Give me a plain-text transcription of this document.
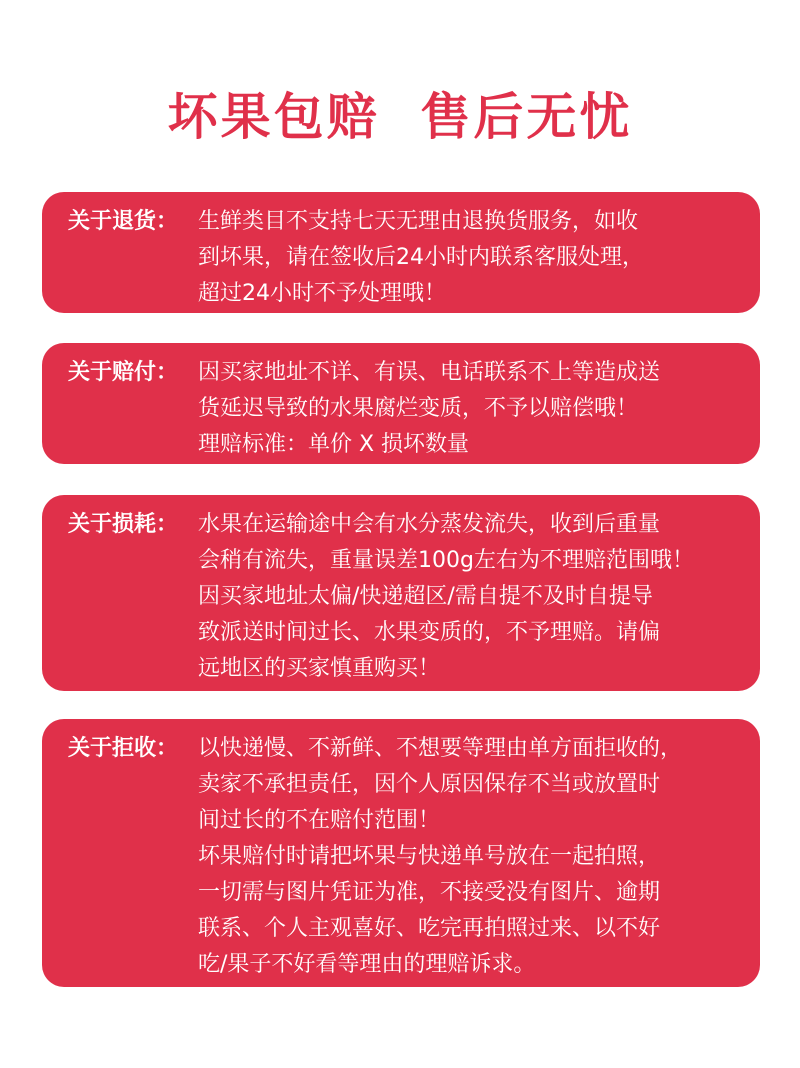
坏果包赔  售后无忧
关于退货： 生鲜类目不支持七天无理由退换货服务，如收
到坏果，请在签收后24小时内联系客服处理，
超过24小时不予处理哦！
关于赔付： 因买家地址不详、有误、电话联系不上等造成送
货延迟导致的水果腐烂变质，不予以赔偿哦！
理赔标准：单价 X 损坏数量
关于损耗： 水果在运输途中会有水分蒸发流失，收到后重量
会稍有流失，重量误差100g左右为不理赔范围哦！
因买家地址太偏/快递超区/需自提不及时自提导
致派送时间过长、水果变质的，不予理赔。请偏
远地区的买家慎重购买！
关于拒收： 以快递慢、不新鲜、不想要等理由单方面拒收的，
卖家不承担责任，因个人原因保存不当或放置时
间过长的不在赔付范围！
坏果赔付时请把坏果与快递单号放在一起拍照，
一切需与图片凭证为准，不接受没有图片、逾期
联系、个人主观喜好、吃完再拍照过来、以不好
吃/果子不好看等理由的理赔诉求。
